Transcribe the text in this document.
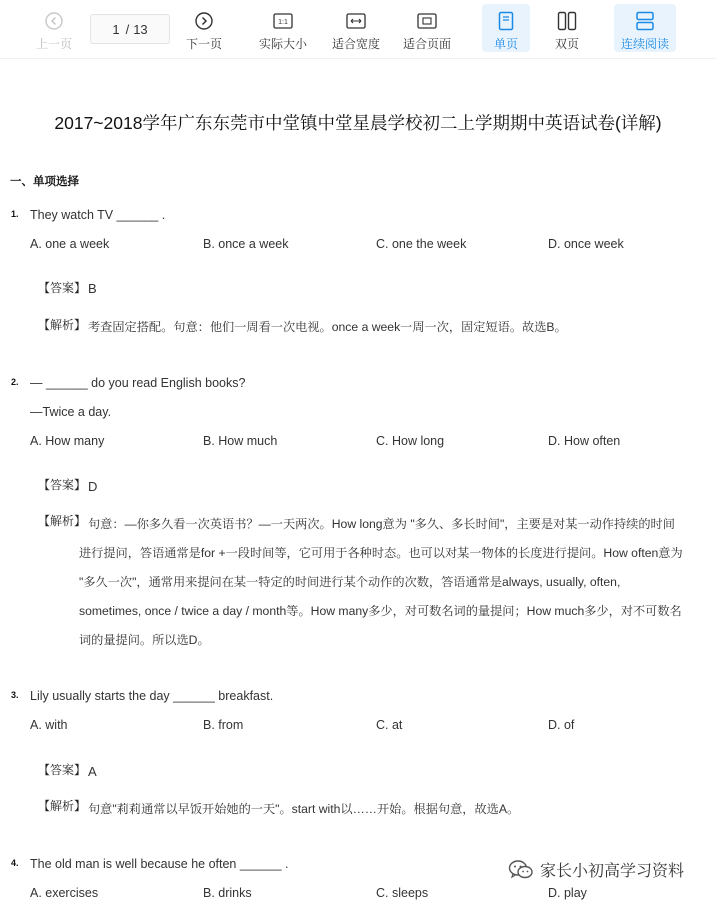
上一页
1 / 13
下一页
1:1
实际大小 适合宽度 适合页面	单页	双页	连续阅读
2017~2018学年广东东莞市中堂镇中堂星晨学校初二上学期期中英语试卷(详解)
一、单项选择
1. They watch TV ______ .
A. one a week	B. once a week	C. one the week	D. once week
【答案】 B
【解析】 考查固定搭配。句意：他们一周看一次电视。once a week一周一次，固定短语。故选B。
2. — ______ do you read English books?
—Twice a day.
A. How many	B. How much	C. How long	D. How often
【答案】 D
【解析】 句意：—你多久看一次英语书？—一天两次。How long意为 "多久、多长时间"，主要是对某一动作持续的时间
进行提问，答语通常是for +一段时间等，它可用于各种时态。也可以对某一物体的长度进行提问。How often意为
"多久一次"，通常用来提问在某一特定的时间进行某个动作的次数，答语通常是always, usually, often,
sometimes, once / twice a day / month等。How many多少，对可数名词的量提问；How much多少，对不可数名
词的量提问。所以选D。
3. Lily usually starts the day ______ breakfast.
A. with	B. from	C. at	D. of
【答案】 A
【解析】 句意"莉莉通常以早饭开始她的一天"。start with以……开始。根据句意，故选A。
4. The old man is well because he often ______ .
A. exercises	B. drinks	C. sleeps	D. play
家长小初高学习资料
